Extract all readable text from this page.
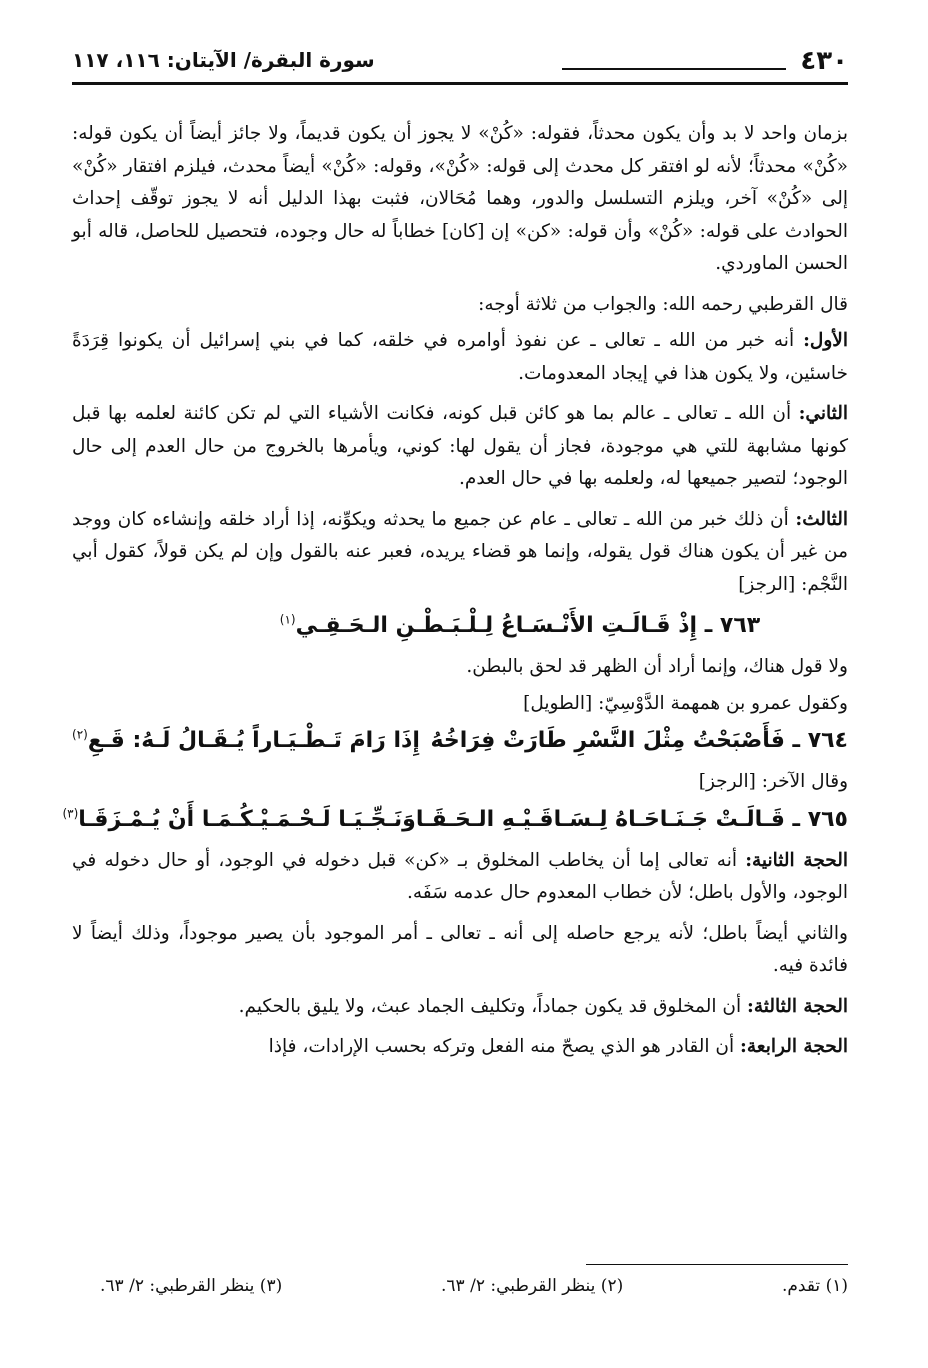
٤٣٠
سورة البقرة/ الآيتان: ١١٦، ١١٧

بزمان واحد لا بد وأن يكون محدثاً، فقوله: «كُنْ» لا يجوز أن يكون قديماً، ولا جائز أيضاً أن يكون قوله: «كُنْ» محدثاً؛ لأنه لو افتقر كل محدث إلى قوله: «كُنْ»، وقوله: «كُنْ» أيضاً محدث، فيلزم افتقار «كُنْ» إلى «كُنْ» آخر، ويلزم التسلسل والدور، وهما مُحَالان، فثبت بهذا الدليل أنه لا يجوز توقّف إحداث الحوادث على قوله: «كُنْ» وأن قوله: «كن» إن [كان] خطاباً له حال وجوده، فتحصيل للحاصل، قاله أبو الحسن الماوردي.

قال القرطبي رحمه الله: والجواب من ثلاثة أوجه:

الأول: أنه خبر من الله ـ تعالى ـ عن نفوذ أوامره في خلقه، كما في بني إسرائيل أن يكونوا قِرَدَةً خاسئين، ولا يكون هذا في إيجاد المعدومات.

الثاني: أن الله ـ تعالى ـ عالم بما هو كائن قبل كونه، فكانت الأشياء التي لم تكن كائنة لعلمه بها قبل كونها مشابهة للتي هي موجودة، فجاز أن يقول لها: كوني، ويأمرها بالخروج من حال العدم إلى حال الوجود؛ لتصير جميعها له، ولعلمه بها في حال العدم.

الثالث: أن ذلك خبر من الله ـ تعالى ـ عام عن جميع ما يحدثه ويكوِّنه، إذا أراد خلقه وإنشاءه كان ووجد من غير أن يكون هناك قول يقوله، وإنما هو قضاء يريده، فعبر عنه بالقول وإن لم يكن قولاً، كقول أبي النَّجْم: [الرجز]

٧٦٣ ـ إِذْ قَـالَـتِ الأَنْـسَـاعُ لِـلْـبَـطْـنِ الـحَـقِـي$^{(١)}$

ولا قول هناك، وإنما أراد أن الظهر قد لحق بالبطن.

وكقول عمرو بن همهمة الدَّوْسِيّ: [الطويل]

٧٦٤ ـ فَأَصْبَحْتُ مِثْلَ النَّسْرِ طَارَتْ فِرَاخُهُ
إِذَا رَامَ تَـطْـيَـاراً يُـقَـالُ لَـهُ: قَـعِ$^{(٢)}$

وقال الآخر: [الرجز]

٧٦٥ ـ قَـالَـتْ جَـنَـاحَـاهُ لِـسَـاقَـيْـهِ الـحَـقَـا
وَنَـجِّـيَـا لَـحْـمَـيْـكُـمَـا أَنْ يُـمْـزَقَـا$^{(٣)}$

الحجة الثانية: أنه تعالى إما أن يخاطب المخلوق بـ «كن» قبل دخوله في الوجود، أو حال دخوله في الوجود، والأول باطل؛ لأن خطاب المعدوم حال عدمه سَفَه.

والثاني أيضاً باطل؛ لأنه يرجع حاصله إلى أنه ـ تعالى ـ أمر الموجود بأن يصير موجوداً، وذلك أيضاً لا فائدة فيه.

الحجة الثالثة: أن المخلوق قد يكون جماداً، وتكليف الجماد عبث، ولا يليق بالحكيم.

الحجة الرابعة: أن القادر هو الذي يصحّ منه الفعل وتركه بحسب الإرادات، فإذا

(١) تقدم.
(٢) ينظر القرطبي: ٢/ ٦٣.
(٣) ينظر القرطبي: ٢/ ٦٣.
